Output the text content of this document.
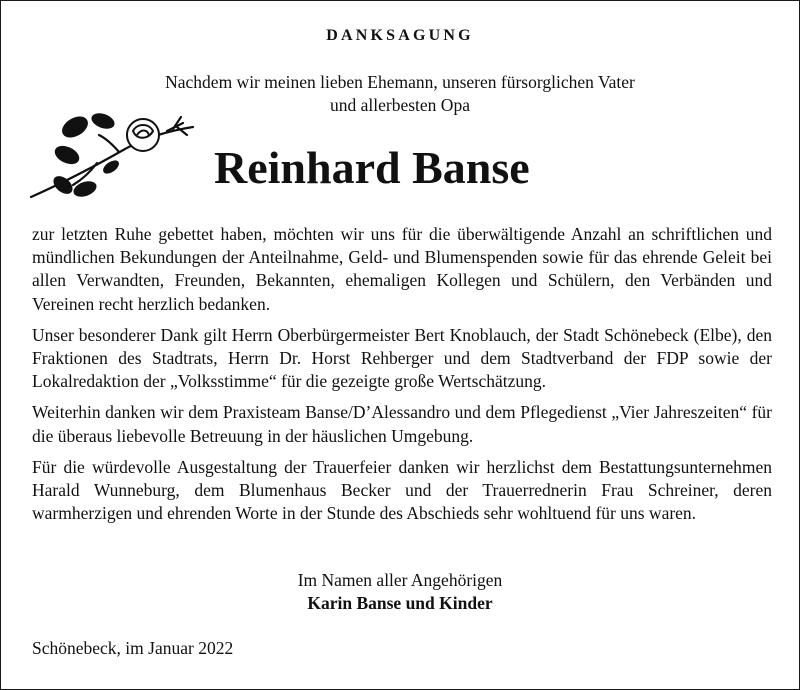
DANKSAGUNG
Nachdem wir meinen lieben Ehemann, unseren fürsorglichen Vater
und allerbesten Opa
Reinhard Banse

zur letzten Ruhe gebettet haben, möchten wir uns für die überwältigende Anzahl an schriftlichen und mündlichen Bekundungen der Anteilnahme, Geld- und Blumenspenden sowie für das ehrende Geleit bei allen Verwandten, Freunden, Bekannten, ehemaligen Kollegen und Schülern, den Verbänden und Vereinen recht herzlich bedanken.

Unser besonderer Dank gilt Herrn Oberbürgermeister Bert Knoblauch, der Stadt Schönebeck (Elbe), den Fraktionen des Stadtrats, Herrn Dr. Horst Rehberger und dem Stadtverband der FDP sowie der Lokalredaktion der „Volksstimme“ für die gezeigte große Wertschätzung.

Weiterhin danken wir dem Praxisteam Banse/D’Alessandro und dem Pflegedienst „Vier Jahreszeiten“ für die überaus liebevolle Betreuung in der häuslichen Umgebung.

Für die würdevolle Ausgestaltung der Trauerfeier danken wir herzlichst dem Bestattungsunternehmen Harald Wunneburg, dem Blumenhaus Becker und der Trauerrednerin Frau Schreiner, deren warmherzigen und ehrenden Worte in der Stunde des Abschieds sehr wohltuend für uns waren.

Im Namen aller Angehörigen
Karin Banse und Kinder
Schönebeck, im Januar 2022
